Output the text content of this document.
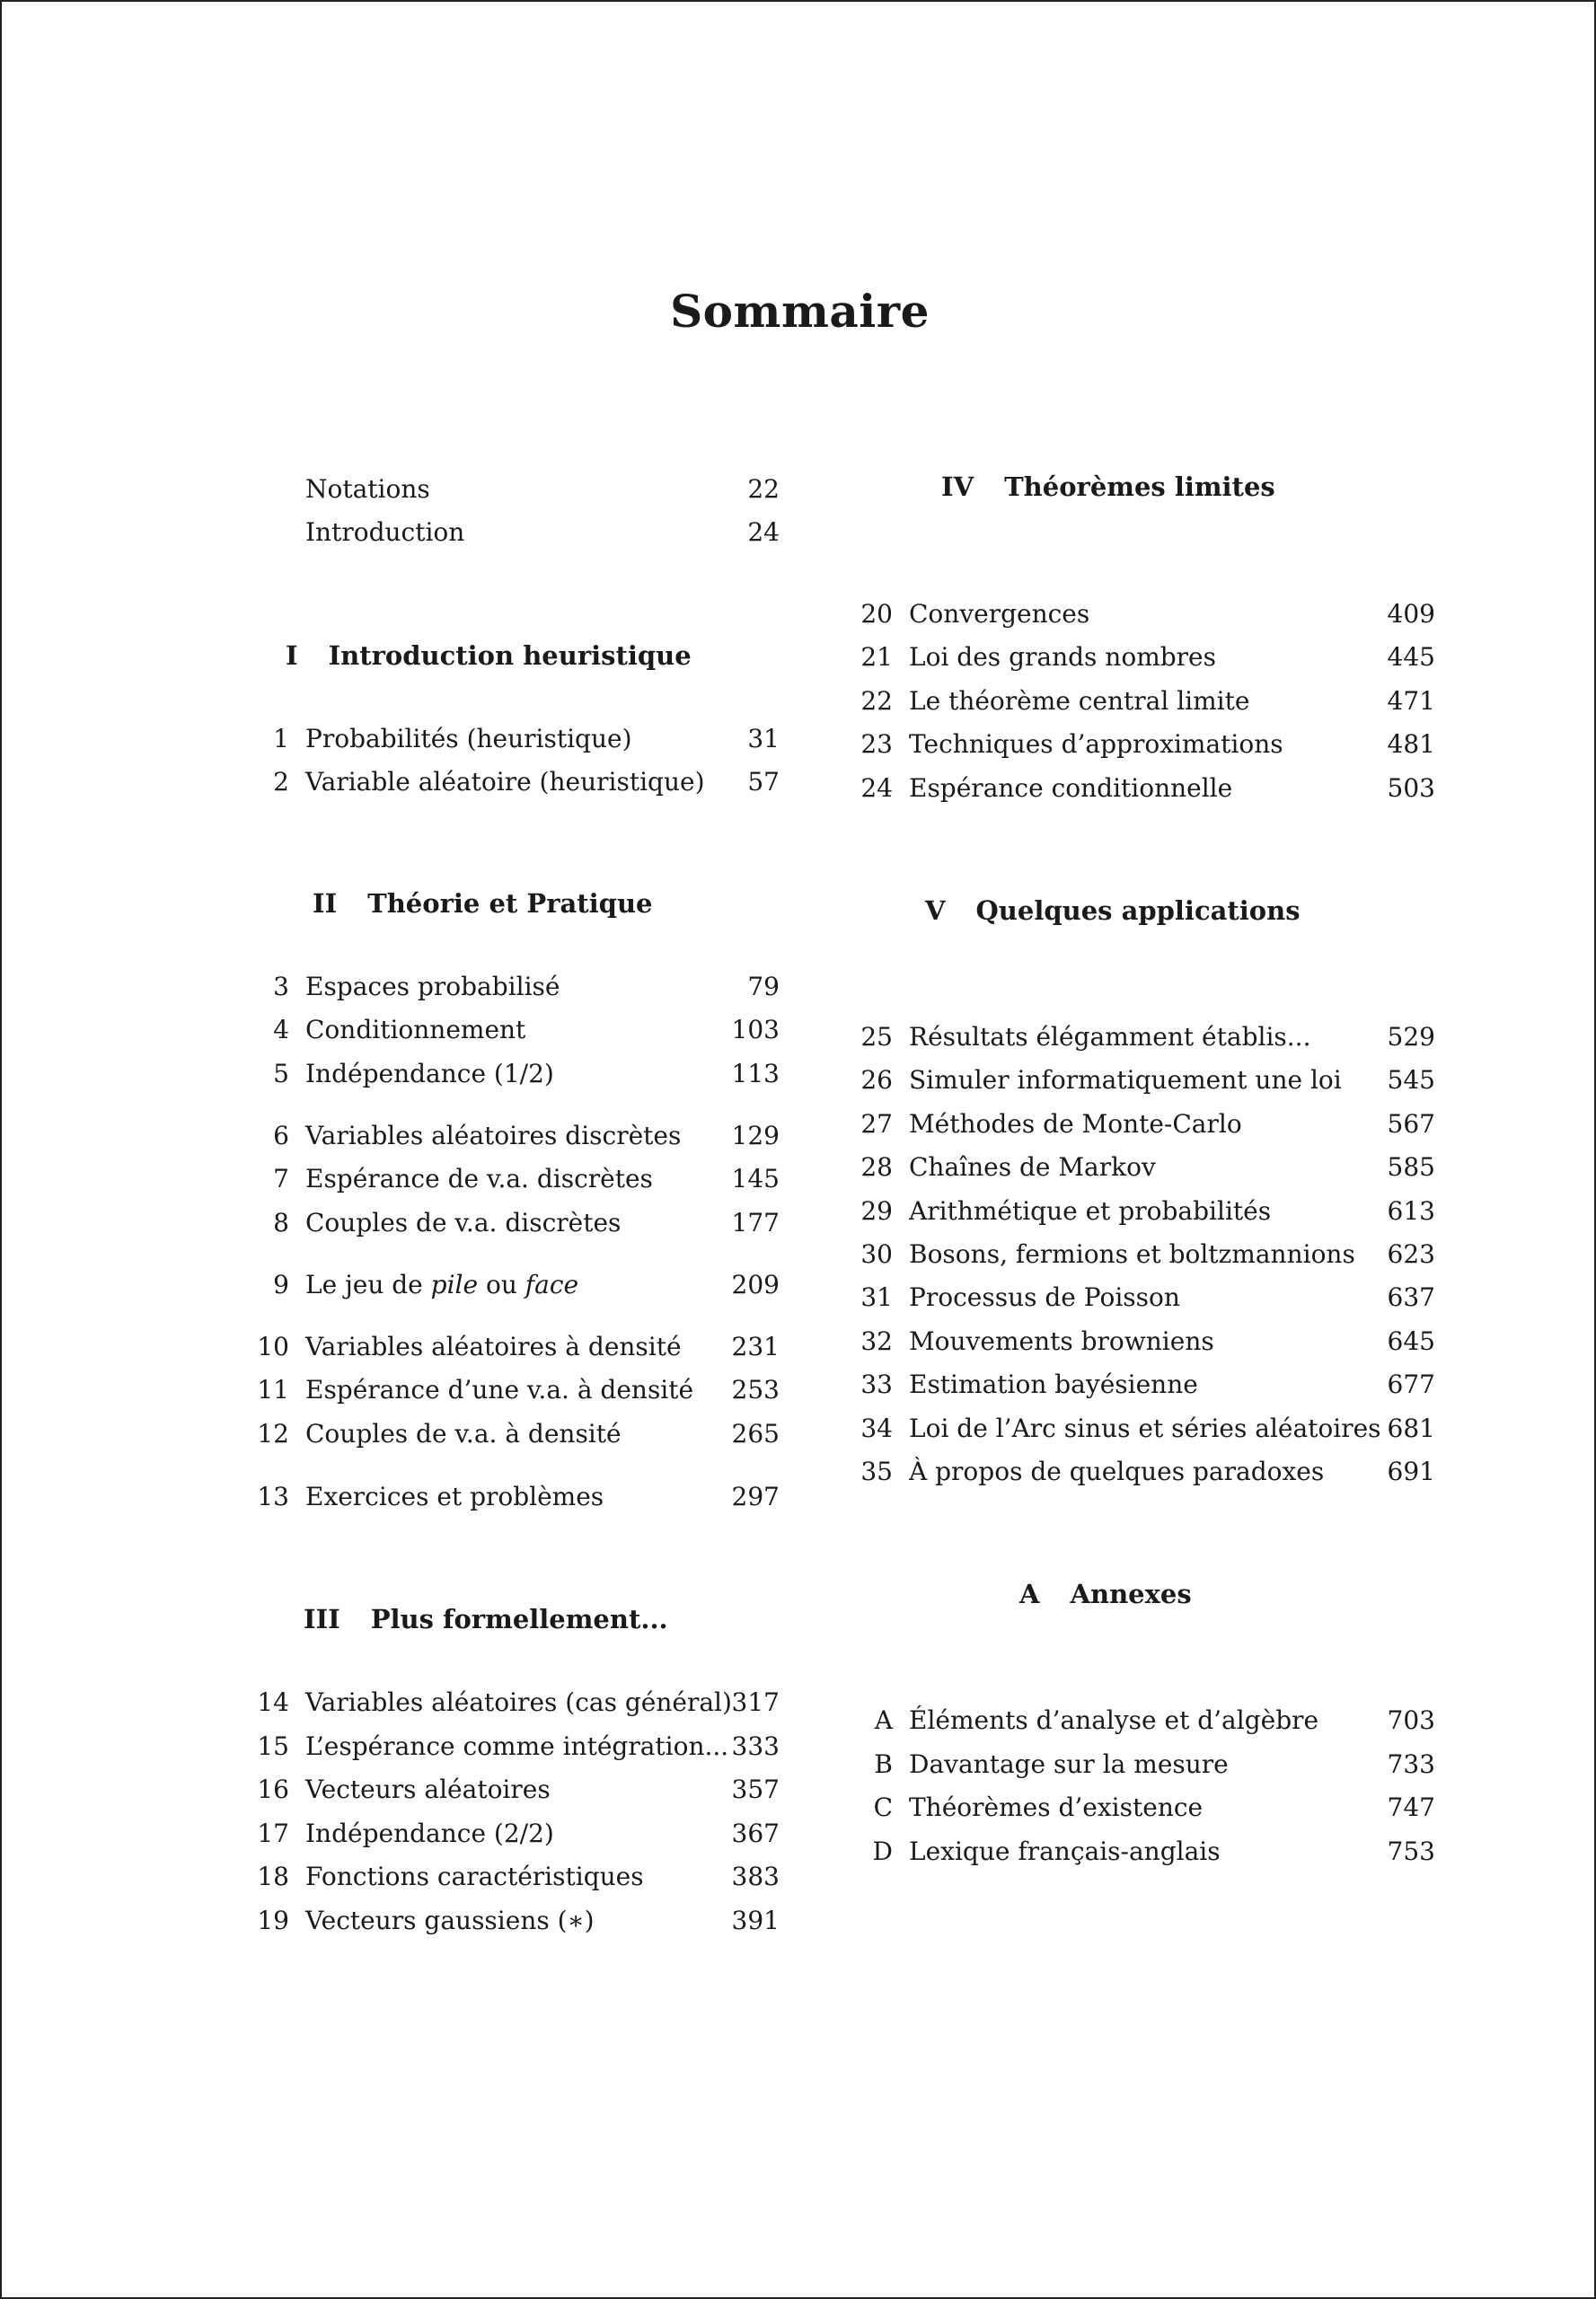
Sommaire
Notations	22
Introduction	24
I Introduction heuristique
1 Probabilités (heuristique)	31
2 Variable aléatoire (heuristique) 57
II Théorie et Pratique
3 Espaces probabilisé	79
4 Conditionnement	103
5 Indépendance (1/2)	113
6 Variables aléatoires discrètes 129
7 Espérance de v.a. discrètes	145
8 Couples de v.a. discrètes	177
9 Le jeu de pile ou face	209
10 Variables aléatoires à densité 231
11 Espérance d’une v.a. à densité 253
12 Couples de v.a. à densité	265
13 Exercices et problèmes	297
III Plus formellement...
14 Variables aléatoires (cas général) 317
15 L’espérance comme intégration... 333
16 Vecteurs aléatoires	357
17 Indépendance (2/2)	367
18 Fonctions caractéristiques	383
19 Vecteurs gaussiens (∗)	391
IV Théorèmes limites
20 Convergences	409
21 Loi des grands nombres	445
22 Le théorème central limite	471
23 Techniques d’approximations	481
24 Espérance conditionnelle	503
V Quelques applications
25 Résultats élégamment établis...	529
26 Simuler informatiquement une loi 545
27 Méthodes de Monte-Carlo	567
28 Chaînes de Markov	585
29 Arithmétique et probabilités	613
30 Bosons, fermions et boltzmannions 623
31 Processus de Poisson	637
32 Mouvements browniens	645
33 Estimation bayésienne	677
34 Loi de l’Arc sinus et séries aléatoires 681
35 À propos de quelques paradoxes	691
A Annexes
A Éléments d’analyse et d’algèbre	703
B Davantage sur la mesure	733
C Théorèmes d’existence	747
D Lexique français-anglais	753
